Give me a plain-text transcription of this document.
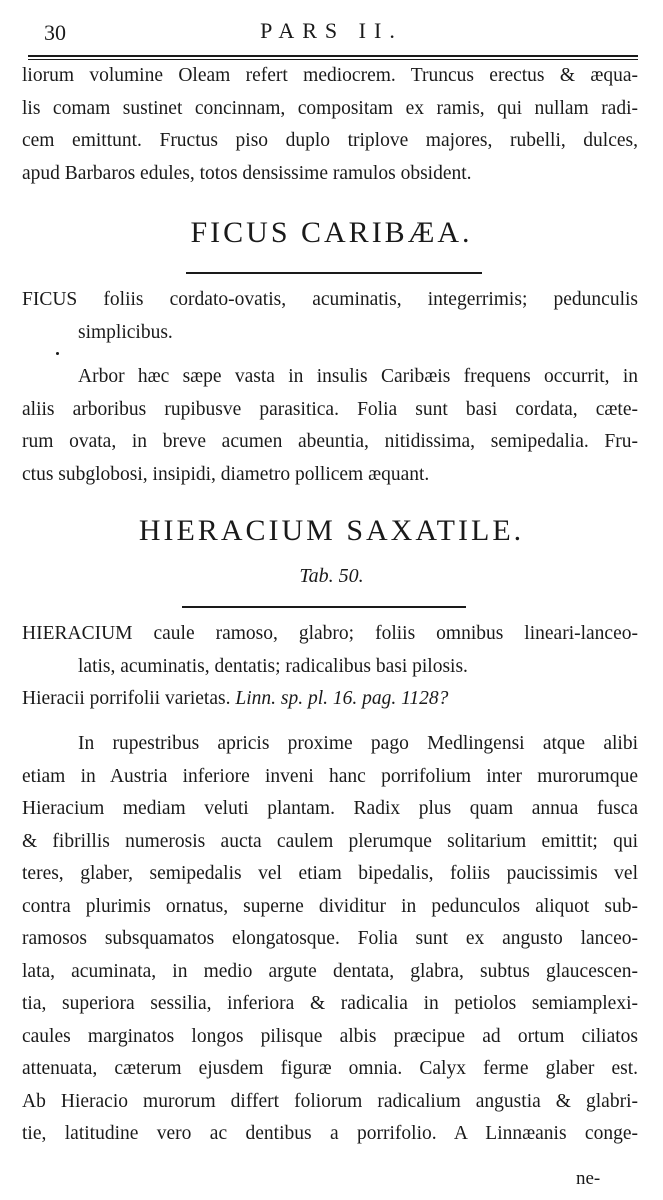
30	PARS II.
liorum volumine Oleam refert mediocrem. Truncus erectus & æqua-
lis comam sustinet concinnam, compositam ex ramis, qui nullam radi-
cem emittunt. Fructus piso duplo triplove majores, rubelli, dulces,
apud Barbaros edules, totos densissime ramulos obsident.
FICUS CARIBÆA.
FICUS foliis cordato-ovatis, acuminatis, integerrimis; pedunculis
simplicibus.
Arbor hæc sæpe vasta in insulis Caribæis frequens occurrit, in
aliis arboribus rupibusve parasitica. Folia sunt basi cordata, cæte-
rum ovata, in breve acumen abeuntia, nitidissima, semipedalia. Fru-
ctus subglobosi, insipidi, diametro pollicem æquant.
HIERACIUM SAXATILE.
Tab. 50.
HIERACIUM caule ramoso, glabro; foliis omnibus lineari-lanceo-
latis, acuminatis, dentatis; radicalibus basi pilosis.
Hieracii porrifolii varietas. Linn. sp. pl. 16. pag. 1128?
In rupestribus apricis proxime pago Medlingensi atque alibi
etiam in Austria inferiore inveni hanc porrifolium inter murorumque
Hieracium mediam veluti plantam. Radix plus quam annua fusca
& fibrillis numerosis aucta caulem plerumque solitarium emittit; qui
teres, glaber, semipedalis vel etiam bipedalis, foliis paucissimis vel
contra plurimis ornatus, superne dividitur in pedunculos aliquot sub-
ramosos subsquamatos elongatosque. Folia sunt ex angusto lanceo-
lata, acuminata, in medio argute dentata, glabra, subtus glaucescen-
tia, superiora sessilia, inferiora & radicalia in petiolos semiamplexi-
caules marginatos longos pilisque albis præcipue ad ortum ciliatos
attenuata, cæterum ejusdem figuræ omnia. Calyx ferme glaber est.
Ab Hieracio murorum differt foliorum radicalium angustia & glabri-
tie, latitudine vero ac dentibus a porrifolio. A Linnæanis conge-
ne-
